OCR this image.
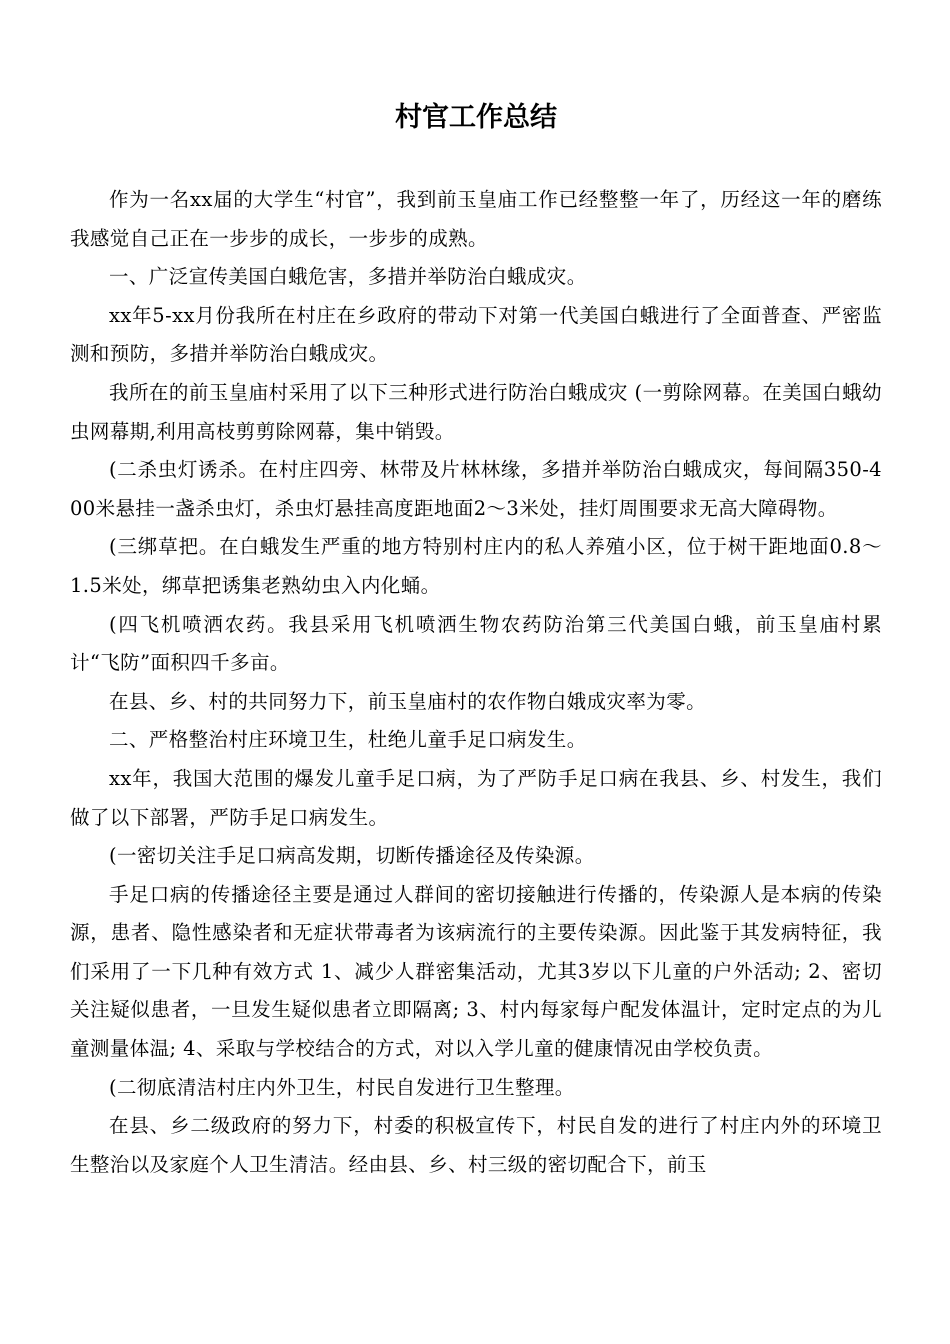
村官工作总结

作为一名xx届的大学生“村官”，我到前玉皇庙工作已经整整一年了，历经这一年的磨练我感觉自己正在一步步的成长，一步步的成熟。

一、广泛宣传美国白蛾危害，多措并举防治白蛾成灾。

xx年5-xx月份我所在村庄在乡政府的带动下对第一代美国白蛾进行了全面普查、严密监测和预防，多措并举防治白蛾成灾。

我所在的前玉皇庙村采用了以下三种形式进行防治白蛾成灾 (一剪除网幕。在美国白蛾幼虫网幕期,利用高枝剪剪除网幕，集中销毁。

(二杀虫灯诱杀。在村庄四旁、林带及片林林缘，多措并举防治白蛾成灾，每间隔350-400米悬挂一盏杀虫灯，杀虫灯悬挂高度距地面2～3米处，挂灯周围要求无高大障碍物。

(三绑草把。在白蛾发生严重的地方特别村庄内的私人养殖小区，位于树干距地面0.8～1.5米处，绑草把诱集老熟幼虫入内化蛹。

(四飞机喷洒农药。我县采用飞机喷洒生物农药防治第三代美国白蛾，前玉皇庙村累计“飞防”面积四千多亩。

在县、乡、村的共同努力下，前玉皇庙村的农作物白娥成灾率为零。

二、严格整治村庄环境卫生，杜绝儿童手足口病发生。

xx年，我国大范围的爆发儿童手足口病，为了严防手足口病在我县、乡、村发生，我们做了以下部署，严防手足口病发生。

(一密切关注手足口病高发期，切断传播途径及传染源。

手足口病的传播途径主要是通过人群间的密切接触进行传播的，传染源人是本病的传染源，患者、隐性感染者和无症状带毒者为该病流行的主要传染源。因此鉴于其发病特征，我们采用了一下几种有效方式 1、减少人群密集活动，尤其3岁以下儿童的户外活动; 2、密切关注疑似患者，一旦发生疑似患者立即隔离; 3、村内每家每户配发体温计，定时定点的为儿童测量体温; 4、采取与学校结合的方式，对以入学儿童的健康情况由学校负责。

(二彻底清洁村庄内外卫生，村民自发进行卫生整理。

在县、乡二级政府的努力下，村委的积极宣传下，村民自发的进行了村庄内外的环境卫生整治以及家庭个人卫生清洁。经由县、乡、村三级的密切配合下，前玉
